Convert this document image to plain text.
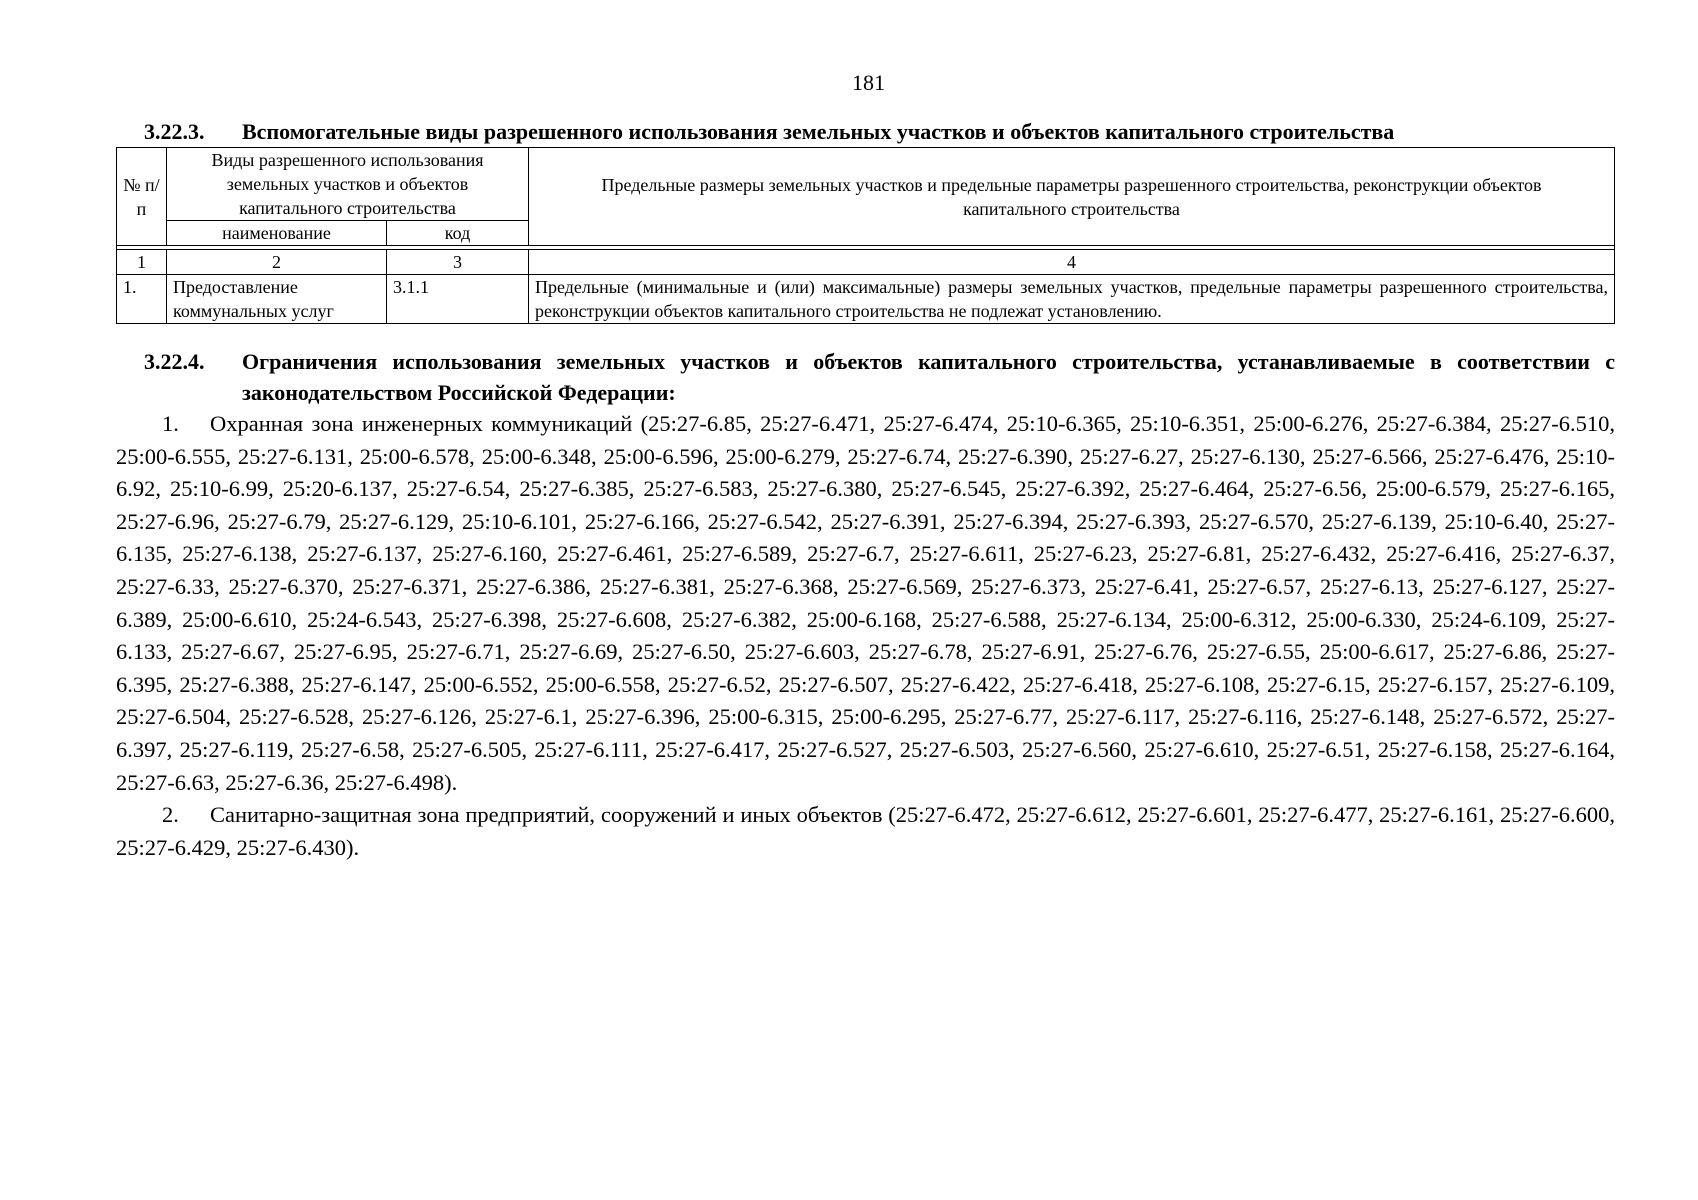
181
3.22.3.	Вспомогательные виды разрешенного использования земельных участков и объектов капитального строительства
№ п/п	Виды разрешенного использования земельных участков и объектов капитального строительства		Предельные размеры земельных участков и предельные параметры разрешенного строительства, реконструкции объектов капитального строительства
	наименование	код	

1	2	3	4
1.	Предоставление коммунальных услуг	3.1.1	Предельные (минимальные и (или) максимальные) размеры земельных участков, предельные параметры разрешенного строительства, реконструкции объектов капитального строительства не подлежат установлению.
3.22.4.	Ограничения использования земельных участков и объектов капитального строительства, устанавливаемые в соответствии с законодательством Российской Федерации:
1. Охранная зона инженерных коммуникаций (25:27-6.85, 25:27-6.471, 25:27-6.474, 25:10-6.365, 25:10-6.351, 25:00-6.276, 25:27-6.384, 25:27-6.510, 25:00-6.555, 25:27-6.131, 25:00-6.578, 25:00-6.348, 25:00-6.596, 25:00-6.279, 25:27-6.74, 25:27-6.390, 25:27-6.27, 25:27-6.130, 25:27-6.566, 25:27-6.476, 25:10-6.92, 25:10-6.99, 25:20-6.137, 25:27-6.54, 25:27-6.385, 25:27-6.583, 25:27-6.380, 25:27-6.545, 25:27-6.392, 25:27-6.464, 25:27-6.56, 25:00-6.579, 25:27-6.165, 25:27-6.96, 25:27-6.79, 25:27-6.129, 25:10-6.101, 25:27-6.166, 25:27-6.542, 25:27-6.391, 25:27-6.394, 25:27-6.393, 25:27-6.570, 25:27-6.139, 25:10-6.40, 25:27-6.135, 25:27-6.138, 25:27-6.137, 25:27-6.160, 25:27-6.461, 25:27-6.589, 25:27-6.7, 25:27-6.611, 25:27-6.23, 25:27-6.81, 25:27-6.432, 25:27-6.416, 25:27-6.37, 25:27-6.33, 25:27-6.370, 25:27-6.371, 25:27-6.386, 25:27-6.381, 25:27-6.368, 25:27-6.569, 25:27-6.373, 25:27-6.41, 25:27-6.57, 25:27-6.13, 25:27-6.127, 25:27-6.389, 25:00-6.610, 25:24-6.543, 25:27-6.398, 25:27-6.608, 25:27-6.382, 25:00-6.168, 25:27-6.588, 25:27-6.134, 25:00-6.312, 25:00-6.330, 25:24-6.109, 25:27-6.133, 25:27-6.67, 25:27-6.95, 25:27-6.71, 25:27-6.69, 25:27-6.50, 25:27-6.603, 25:27-6.78, 25:27-6.91, 25:27-6.76, 25:27-6.55, 25:00-6.617, 25:27-6.86, 25:27-6.395, 25:27-6.388, 25:27-6.147, 25:00-6.552, 25:00-6.558, 25:27-6.52, 25:27-6.507, 25:27-6.422, 25:27-6.418, 25:27-6.108, 25:27-6.15, 25:27-6.157, 25:27-6.109, 25:27-6.504, 25:27-6.528, 25:27-6.126, 25:27-6.1, 25:27-6.396, 25:00-6.315, 25:00-6.295, 25:27-6.77, 25:27-6.117, 25:27-6.116, 25:27-6.148, 25:27-6.572, 25:27-6.397, 25:27-6.119, 25:27-6.58, 25:27-6.505, 25:27-6.111, 25:27-6.417, 25:27-6.527, 25:27-6.503, 25:27-6.560, 25:27-6.610, 25:27-6.51, 25:27-6.158, 25:27-6.164, 25:27-6.63, 25:27-6.36, 25:27-6.498).
2. Санитарно-защитная зона предприятий, сооружений и иных объектов (25:27-6.472, 25:27-6.612, 25:27-6.601, 25:27-6.477, 25:27-6.161, 25:27-6.600, 25:27-6.429, 25:27-6.430).
